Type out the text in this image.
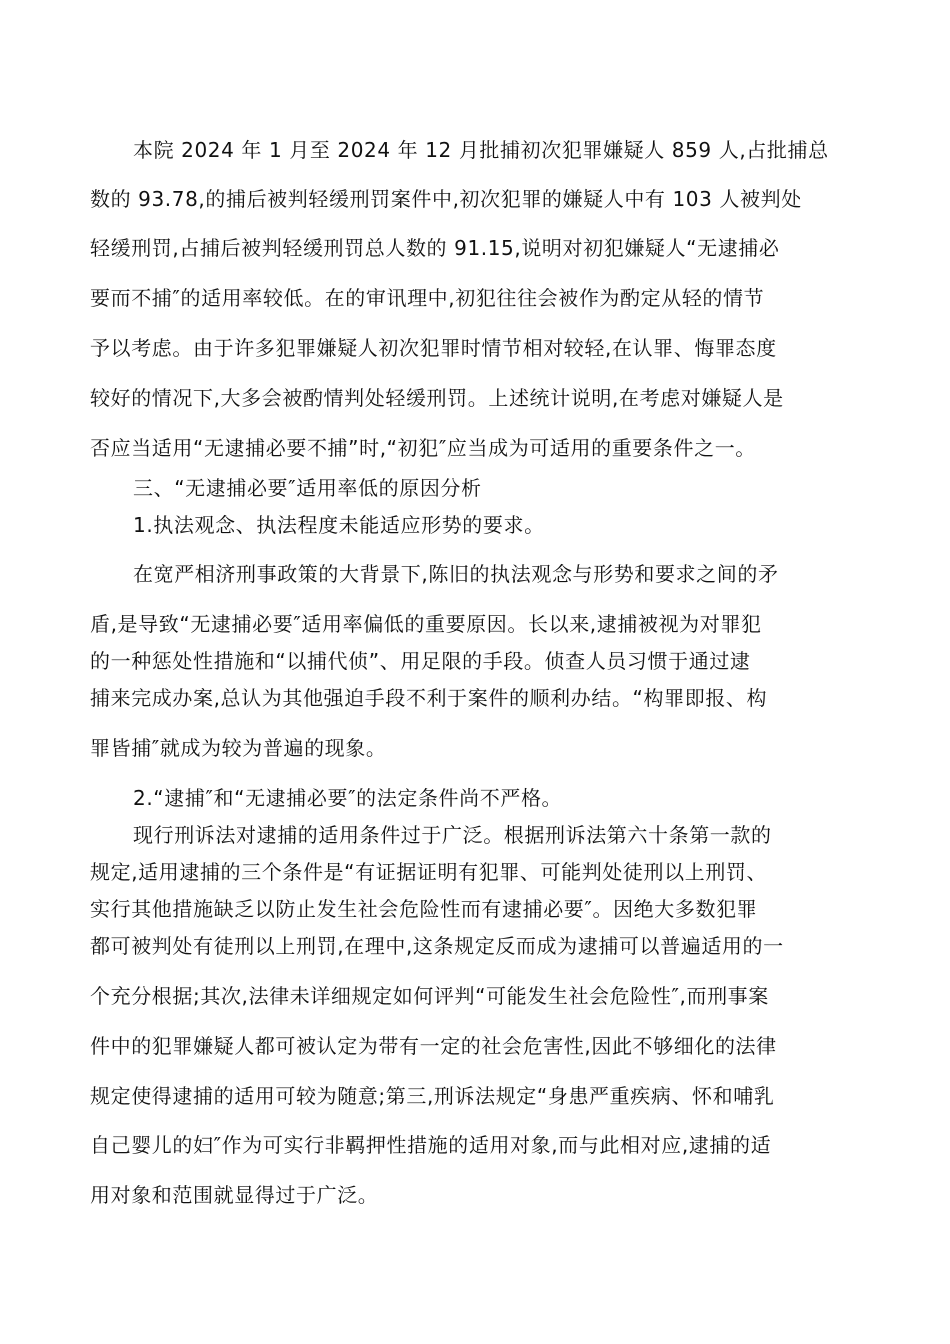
本院 2024 年 1 月至 2024 年 12 月批捕初次犯罪嫌疑人 859 人,占批捕总
数的 93.78,的捕后被判轻缓刑罚案件中,初次犯罪的嫌疑人中有 103 人被判处
轻缓刑罚,占捕后被判轻缓刑罚总人数的 91.15,说明对初犯嫌疑人“无逮捕必
要而不捕″的适用率较低。在的审讯理中,初犯往往会被作为酌定从轻的情节
予以考虑。由于许多犯罪嫌疑人初次犯罪时情节相对较轻,在认罪、悔罪态度
较好的情况下,大多会被酌情判处轻缓刑罚。上述统计说明,在考虑对嫌疑人是
否应当适用“无逮捕必要不捕”时,“初犯″应当成为可适用的重要条件之一。
三、“无逮捕必要″适用率低的原因分析
1.执法观念、执法程度未能适应形势的要求。
在宽严相济刑事政策的大背景下,陈旧的执法观念与形势和要求之间的矛
盾,是导致“无逮捕必要″适用率偏低的重要原因。长以来,逮捕被视为对罪犯
的一种惩处性措施和“以捕代侦”、用足限的手段。侦查人员习惯于通过逮
捕来完成办案,总认为其他强迫手段不利于案件的顺利办结。“构罪即报、构
罪皆捕″就成为较为普遍的现象。
2.“逮捕″和“无逮捕必要″的法定条件尚不严格。
现行刑诉法对逮捕的适用条件过于广泛。根据刑诉法第六十条第一款的
规定,适用逮捕的三个条件是“有证据证明有犯罪、可能判处徒刑以上刑罚、
实行其他措施缺乏以防止发生社会危险性而有逮捕必要″。因绝大多数犯罪
都可被判处有徒刑以上刑罚,在理中,这条规定反而成为逮捕可以普遍适用的一
个充分根据;其次,法律未详细规定如何评判“可能发生社会危险性″,而刑事案
件中的犯罪嫌疑人都可被认定为带有一定的社会危害性,因此不够细化的法律
规定使得逮捕的适用可较为随意;第三,刑诉法规定“身患严重疾病、怀和哺乳
自己婴儿的妇″作为可实行非羁押性措施的适用对象,而与此相对应,逮捕的适
用对象和范围就显得过于广泛。
